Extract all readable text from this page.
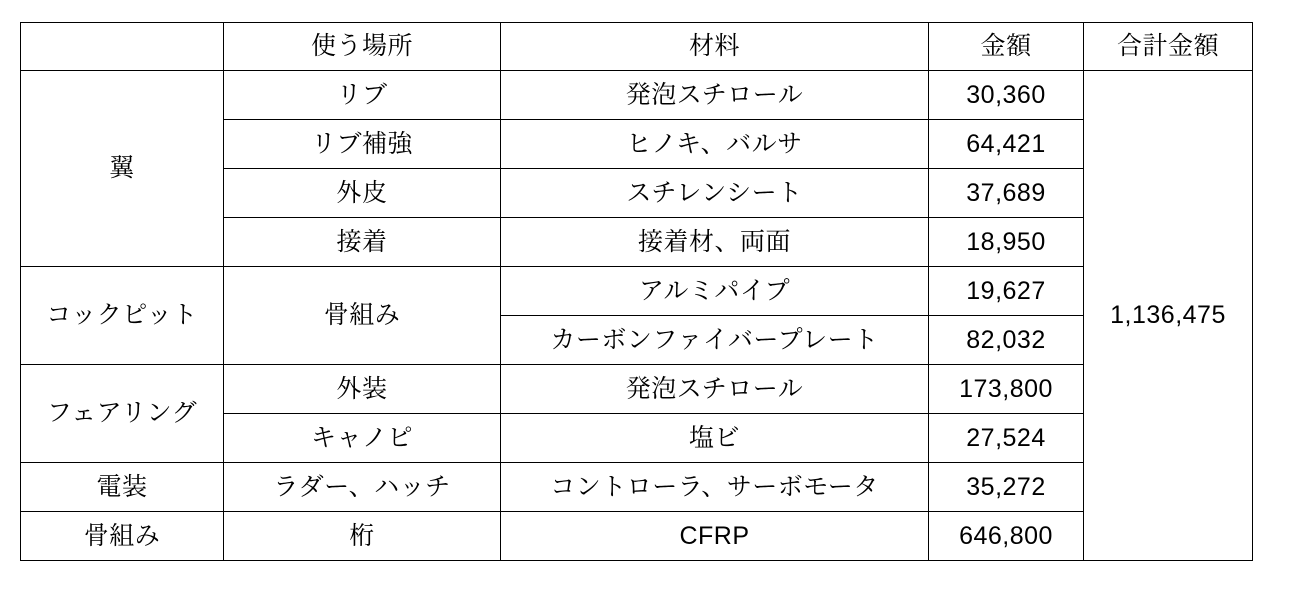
	使う場所	材料	金額	合計金額
翼	リブ	発泡スチロール	30,360	1,136,475
	リブ補強	ヒノキ、バルサ	64,421	
	外皮	スチレンシート	37,689	
	接着	接着材、両面	18,950	
コックピット	骨組み	アルミパイプ	19,627	
		カーボンファイバープレート	82,032	
フェアリング	外装	発泡スチロール	173,800	
	キャノピ	塩ビ	27,524	
電装	ラダー、ハッチ	コントローラ、サーボモータ	35,272	
骨組み	桁	CFRP	646,800	
